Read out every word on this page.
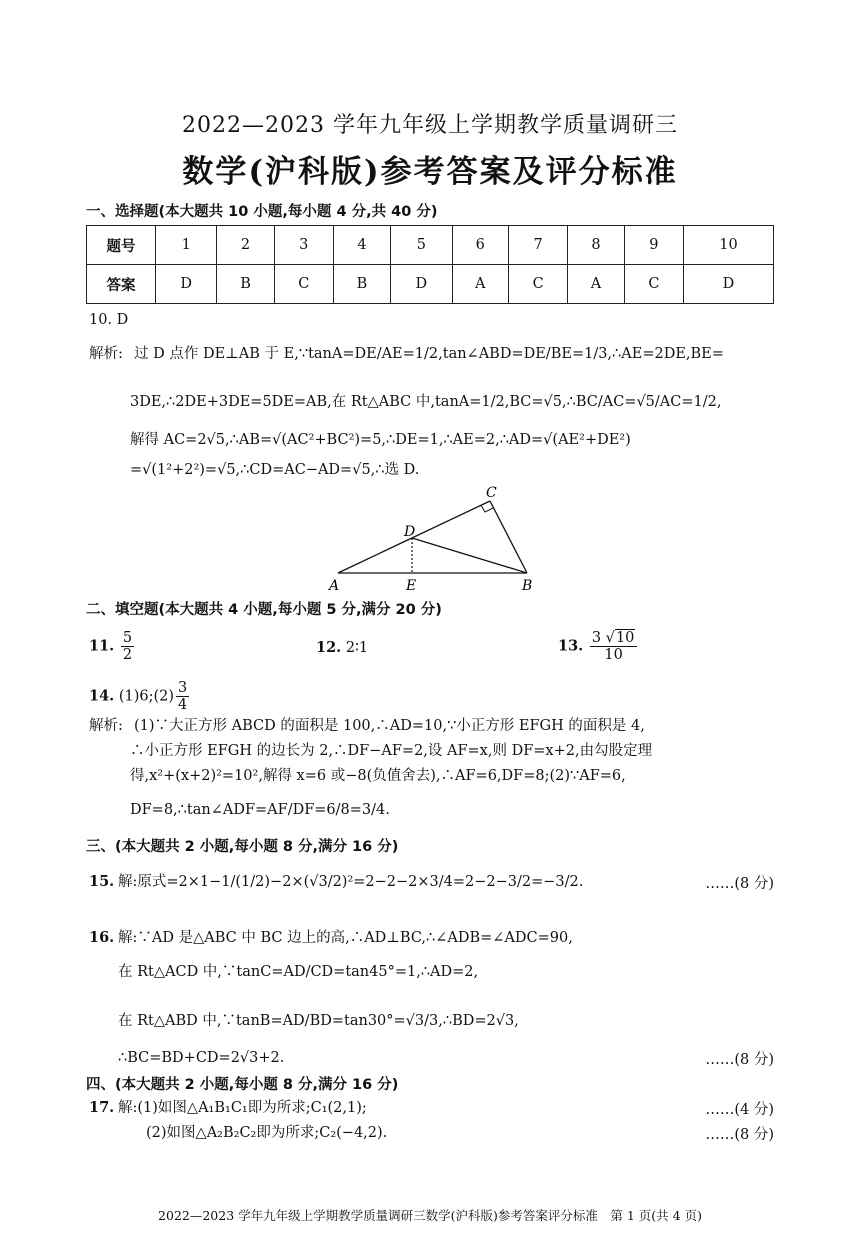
2022—2023 学年九年级上学期教学质量调研三
数学(沪科版)参考答案及评分标准
一、选择题(本大题共 10 小题,每小题 4 分,共 40 分)
题号	1	2	3	4	5	6	7	8	9	10
答案	D	B	C	B	D	A	C	A	C	D
10. D
解析: 过 D 点作 DE⊥AB 于 E,∵tanA=DE/AE=1/2,tan∠ABD=DE/BE=1/3,∴AE=2DE,BE=
3DE,∴2DE+3DE=5DE=AB,在 Rt△ABC 中,tanA=1/2,BC=√5,∴BC/AC=√5/AC=1/2,
解得 AC=2√5,∴AB=√(AC²+BC²)=5,∴DE=1,∴AE=2,∴AD=√(AE²+DE²)
=√(1²+2²)=√5,∴CD=AC−AD=√5,∴选 D.
A	B
C
D
E
二、填空题(本大题共 4 小题,每小题 5 分,满分 20 分)
11. $\frac{5}{2}$	12. 2∶1	13. $\frac{3 √10}{10}$
14. (1)6;(2) $\frac{3}{4}$
解析: (1)∵大正方形 ABCD 的面积是 100,∴AD=10,∵小正方形 EFGH 的面积是 4,
∴小正方形 EFGH 的边长为 2,∴DF−AF=2,设 AF=x,则 DF=x+2,由勾股定理
得,x²+(x+2)²=10²,解得 x=6 或−8(负值舍去),∴AF=6,DF=8;(2)∵AF=6,
DF=8,∴tan∠ADF=AF/DF=6/8=3/4.
三、(本大题共 2 小题,每小题 8 分,满分 16 分)
15. 解:原式=2×1−1/(1/2)−2×(√3/2)²=2−2−2×3/4=2−2−3/2=−3/2.	……(8 分)
16. 解:∵AD 是△ABC 中 BC 边上的高,∴AD⊥BC,∴∠ADB=∠ADC=90,
在 Rt△ACD 中,∵tanC=AD/CD=tan45°=1,∴AD=2,
在 Rt△ABD 中,∵tanB=AD/BD=tan30°=√3/3,∴BD=2√3,
∴BC=BD+CD=2√3+2.	……(8 分)
四、(本大题共 2 小题,每小题 8 分,满分 16 分)
17. 解:(1)如图△A₁B₁C₁即为所求;C₁(2,1);	……(4 分)
(2)如图△A₂B₂C₂即为所求;C₂(−4,2).	……(8 分)
2022—2023 学年九年级上学期教学质量调研三数学(沪科版)参考答案评分标准　第 1 页(共 4 页)
